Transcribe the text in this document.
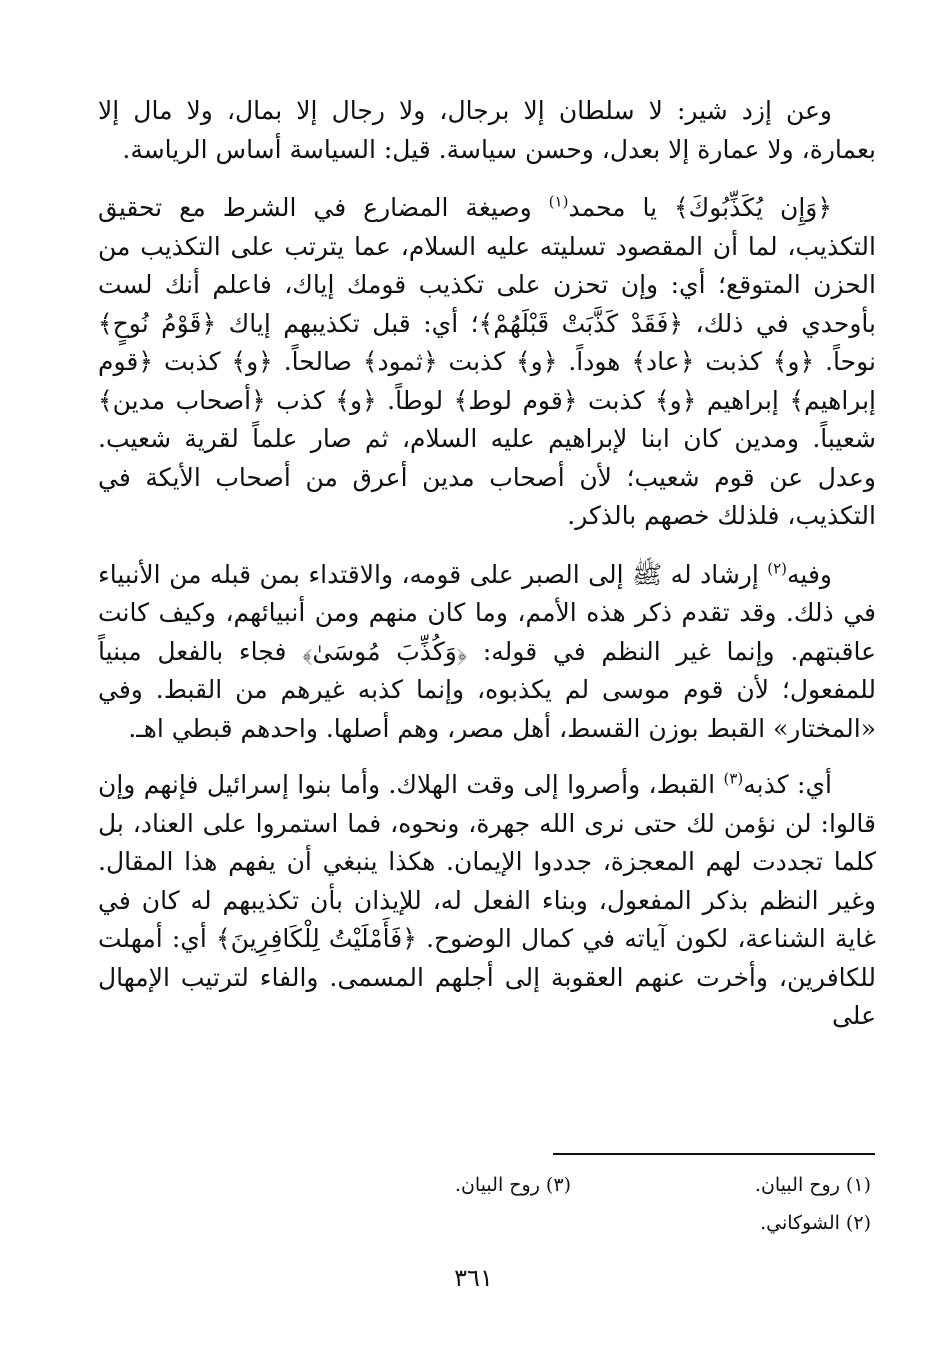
وعن إزد شير: لا سلطان إلا برجال، ولا رجال إلا بمال، ولا مال إلا بعمارة، ولا عمارة إلا بعدل، وحسن سياسة. قيل: السياسة أساس الرياسة.

﴿وَإِن يُكَذِّبُوكَ﴾ يا محمد$^{(١)}$ وصيغة المضارع في الشرط مع تحقيق التكذيب، لما أن المقصود تسليته عليه السلام، عما يترتب على التكذيب من الحزن المتوقع؛ أي: وإن تحزن على تكذيب قومك إياك، فاعلم أنك لست بأوحدي في ذلك، ﴿فَقَدْ كَذَّبَتْ قَبْلَهُمْ﴾؛ أي: قبل تكذيبهم إياك ﴿قَوْمُ نُوحٍ﴾ نوحاً. ﴿و﴾ كذبت ﴿عاد﴾ هوداً. ﴿و﴾ كذبت ﴿ثمود﴾ صالحاً. ﴿و﴾ كذبت ﴿قوم إبراهيم﴾ إبراهيم ﴿و﴾ كذبت ﴿قوم لوط﴾ لوطاً. ﴿و﴾ كذب ﴿أصحاب مدين﴾ شعيباً. ومدين كان ابنا لإبراهيم عليه السلام، ثم صار علماً لقرية شعيب. وعدل عن قوم شعيب؛ لأن أصحاب مدين أعرق من أصحاب الأيكة في التكذيب، فلذلك خصهم بالذكر.

وفيه$^{(٢)}$ إرشاد له ﷺ إلى الصبر على قومه، والاقتداء بمن قبله من الأنبياء في ذلك. وقد تقدم ذكر هذه الأمم، وما كان منهم ومن أنبيائهم، وكيف كانت عاقبتهم. وإنما غير النظم في قوله: ﴿وَكُذِّبَ مُوسَىٰ﴾ فجاء بالفعل مبنياً للمفعول؛ لأن قوم موسى لم يكذبوه، وإنما كذبه غيرهم من القبط. وفي «المختار» القبط بوزن القسط، أهل مصر، وهم أصلها. واحدهم قبطي اهـ.

أي: كذبه$^{(٣)}$ القبط، وأصروا إلى وقت الهلاك. وأما بنوا إسرائيل فإنهم وإن قالوا: لن نؤمن لك حتى نرى الله جهرة، ونحوه، فما استمروا على العناد، بل كلما تجددت لهم المعجزة، جددوا الإيمان. هكذا ينبغي أن يفهم هذا المقال. وغير النظم بذكر المفعول، وبناء الفعل له، للإيذان بأن تكذيبهم له كان في غاية الشناعة، لكون آياته في كمال الوضوح. ﴿فَأَمْلَيْتُ لِلْكَافِرِينَ﴾ أي: أمهلت للكافرين، وأخرت عنهم العقوبة إلى أجلهم المسمى. والفاء لترتيب الإمهال على

(١) روح البيان.
(٣) روح البيان.
(٢) الشوكاني.
٣٦١
